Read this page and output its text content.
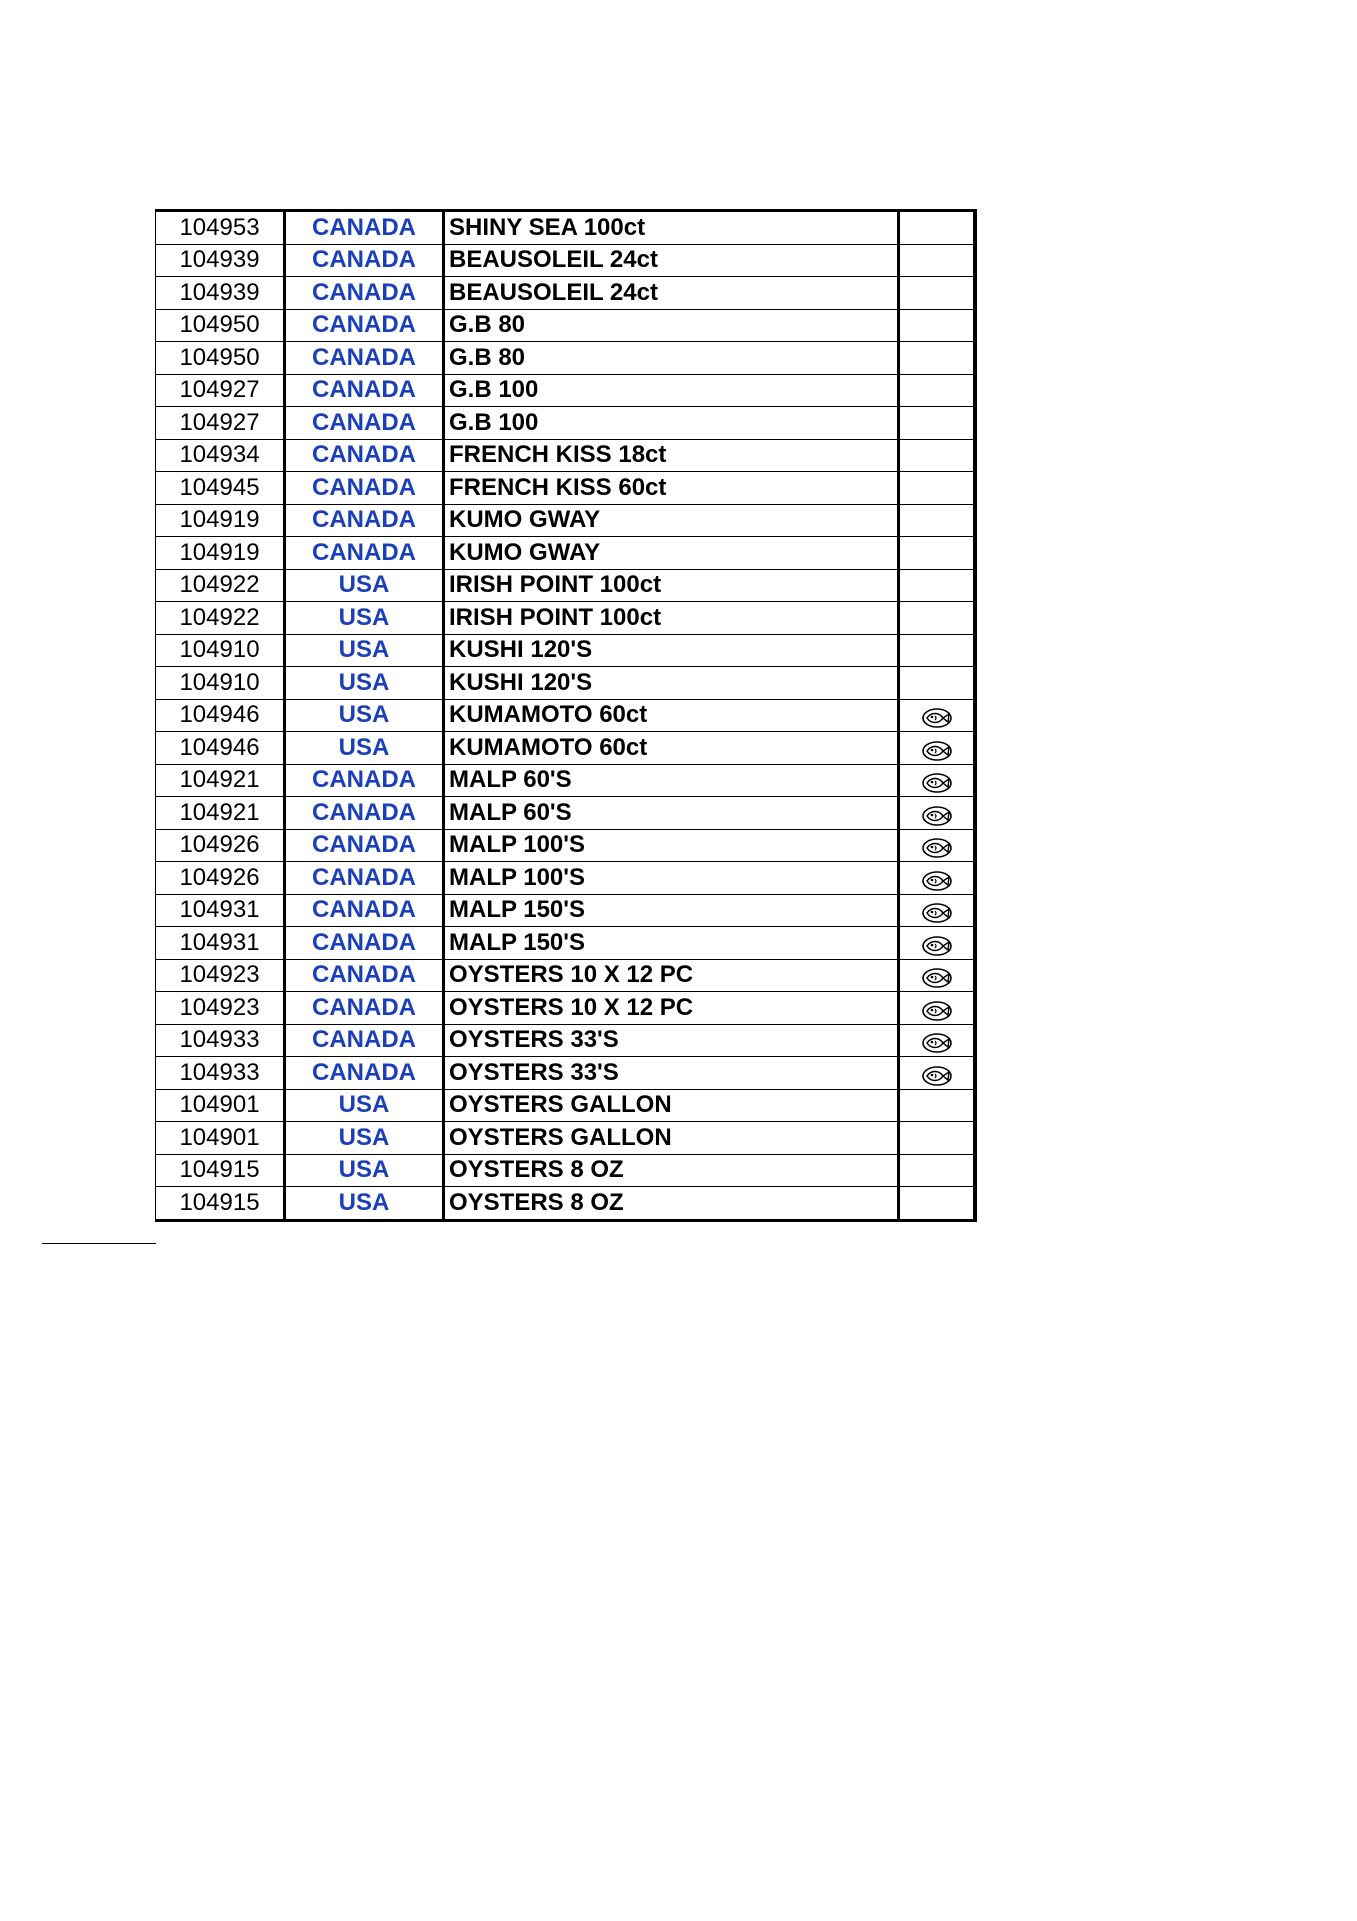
104953	CANADA	SHINY SEA 100ct	
104939	CANADA	BEAUSOLEIL 24ct	
104939	CANADA	BEAUSOLEIL 24ct	
104950	CANADA	G.B 80	
104950	CANADA	G.B 80	
104927	CANADA	G.B 100	
104927	CANADA	G.B 100	
104934	CANADA	FRENCH KISS 18ct	
104945	CANADA	FRENCH KISS 60ct	
104919	CANADA	KUMO GWAY	
104919	CANADA	KUMO GWAY	
104922	USA	IRISH POINT 100ct	
104922	USA	IRISH POINT 100ct	
104910	USA	KUSHI 120'S	
104910	USA	KUSHI 120'S	
104946	USA	KUMAMOTO 60ct	
104946	USA	KUMAMOTO 60ct	
104921	CANADA	MALP 60'S	
104921	CANADA	MALP 60'S	
104926	CANADA	MALP 100'S	
104926	CANADA	MALP 100'S	
104931	CANADA	MALP 150'S	
104931	CANADA	MALP 150'S	
104923	CANADA	OYSTERS 10 X 12 PC	
104923	CANADA	OYSTERS 10 X 12 PC	
104933	CANADA	OYSTERS 33'S	
104933	CANADA	OYSTERS 33'S	
104901	USA	OYSTERS GALLON	
104901	USA	OYSTERS GALLON	
104915	USA	OYSTERS 8 OZ	
104915	USA	OYSTERS 8 OZ	
